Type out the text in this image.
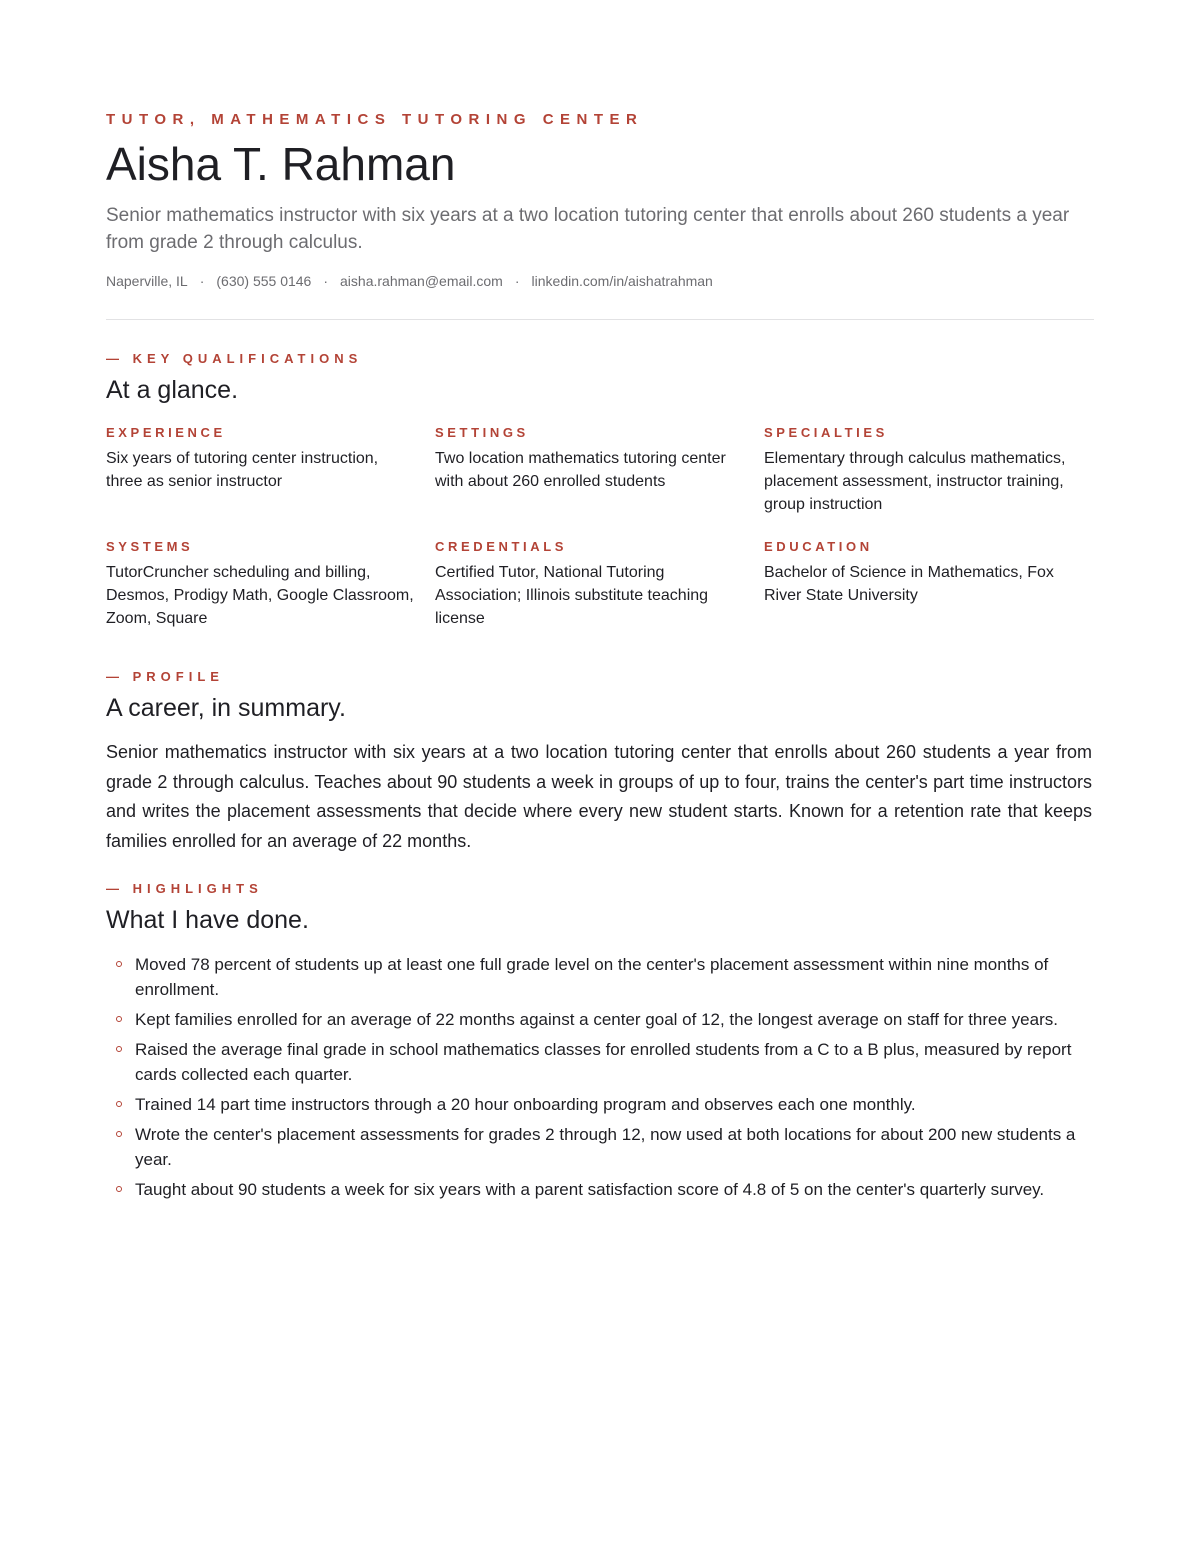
TUTOR, MATHEMATICS TUTORING CENTER
Aisha T. Rahman

Senior mathematics instructor with six years at a two location tutoring center that enrolls about 260 students a year from grade 2 through calculus.

Naperville, IL · (630) 555 0146 · aisha.rahman@email.com · linkedin.com/in/aishatrahman
— KEY QUALIFICATIONS
At a glance.
EXPERIENCE
Six years of tutoring center instruction, three as senior instructor
SETTINGS
Two location mathematics tutoring center with about 260 enrolled students
SPECIALTIES
Elementary through calculus mathematics, placement assessment, instructor training, group instruction
SYSTEMS
TutorCruncher scheduling and billing, Desmos, Prodigy Math, Google Classroom, Zoom, Square
CREDENTIALS
Certified Tutor, National Tutoring Association; Illinois substitute teaching license
EDUCATION
Bachelor of Science in Mathematics, Fox River State University
— PROFILE
A career, in summary.

Senior mathematics instructor with six years at a two location tutoring center that enrolls about 260 students a year from grade 2 through calculus. Teaches about 90 students a week in groups of up to four, trains the center's part time instructors and writes the placement assessments that decide where every new student starts. Known for a retention rate that keeps families enrolled for an average of 22 months.

— HIGHLIGHTS
What I have done.
Moved 78 percent of students up at least one full grade level on the center's placement assessment within nine months of enrollment.
Kept families enrolled for an average of 22 months against a center goal of 12, the longest average on staff for three years.
Raised the average final grade in school mathematics classes for enrolled students from a C to a B plus, measured by report cards collected each quarter.
Trained 14 part time instructors through a 20 hour onboarding program and observes each one monthly.
Wrote the center's placement assessments for grades 2 through 12, now used at both locations for about 200 new students a year.
Taught about 90 students a week for six years with a parent satisfaction score of 4.8 of 5 on the center's quarterly survey.
